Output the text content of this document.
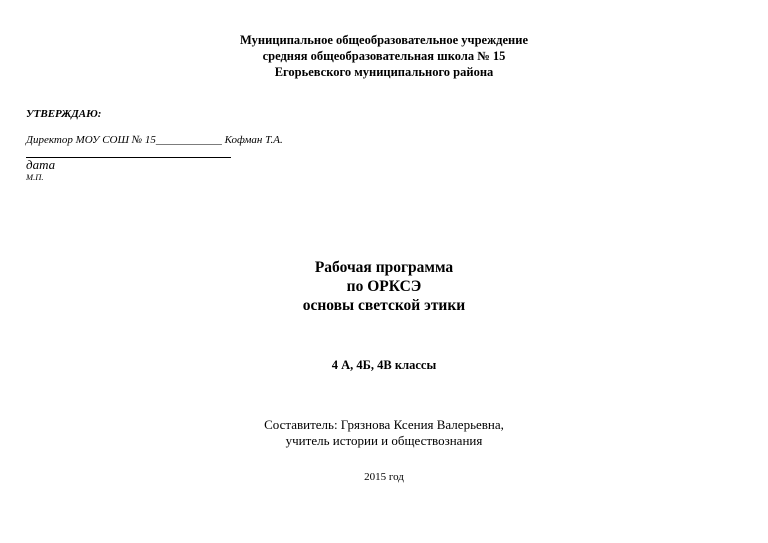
Муниципальное общеобразовательное учреждение
средняя общеобразовательная школа № 15
Егорьевского муниципального района
УТВЕРЖДАЮ:
Директор МОУ СОШ № 15____________ Кофман Т.А.
дата
М.П.
Рабочая программа
по ОРКСЭ
основы светской этики
4 А, 4Б, 4В классы
Составитель: Грязнова Ксения Валерьевна,
учитель истории и обществознания
2015 год
